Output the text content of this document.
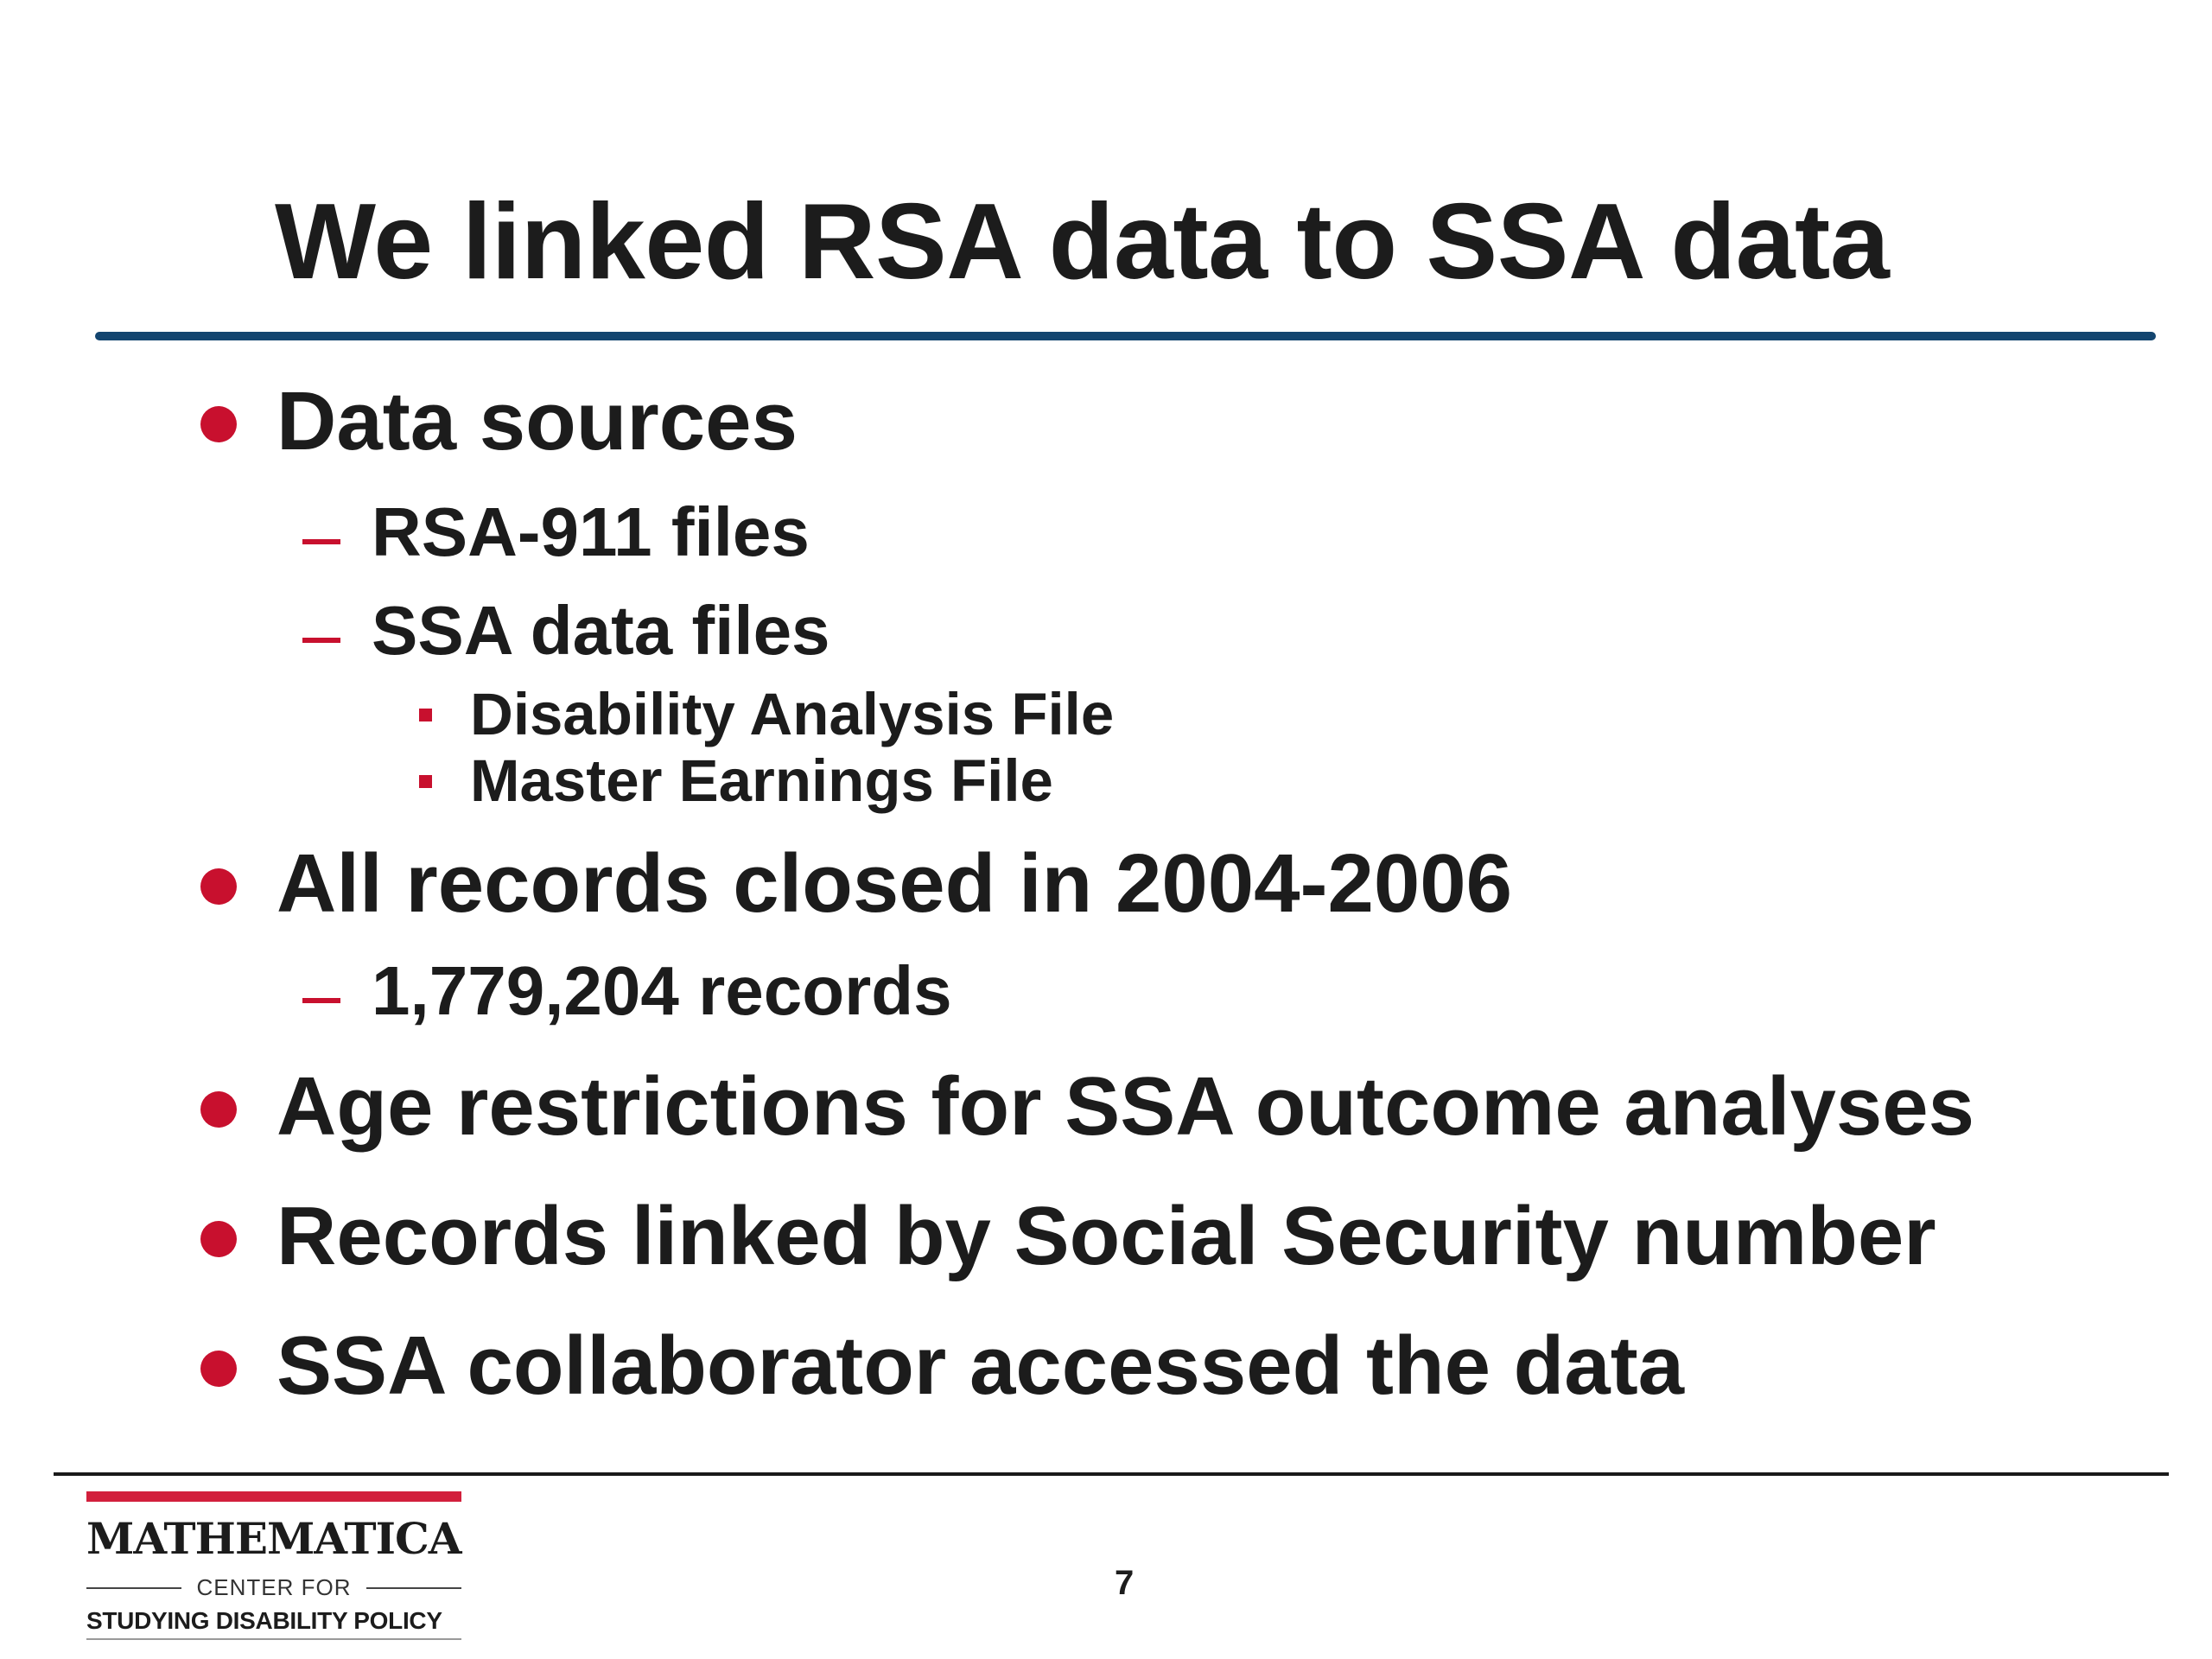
We linked RSA data to SSA data
Data sources
RSA-911 files
SSA data files
Disability Analysis File
Master Earnings File
All records closed in 2004-2006
1,779,204 records
Age restrictions for SSA outcome analyses
Records linked by Social Security number
SSA collaborator accessed the data
MATHEMATICA
CENTER FOR
STUDYING DISABILITY POLICY
7
